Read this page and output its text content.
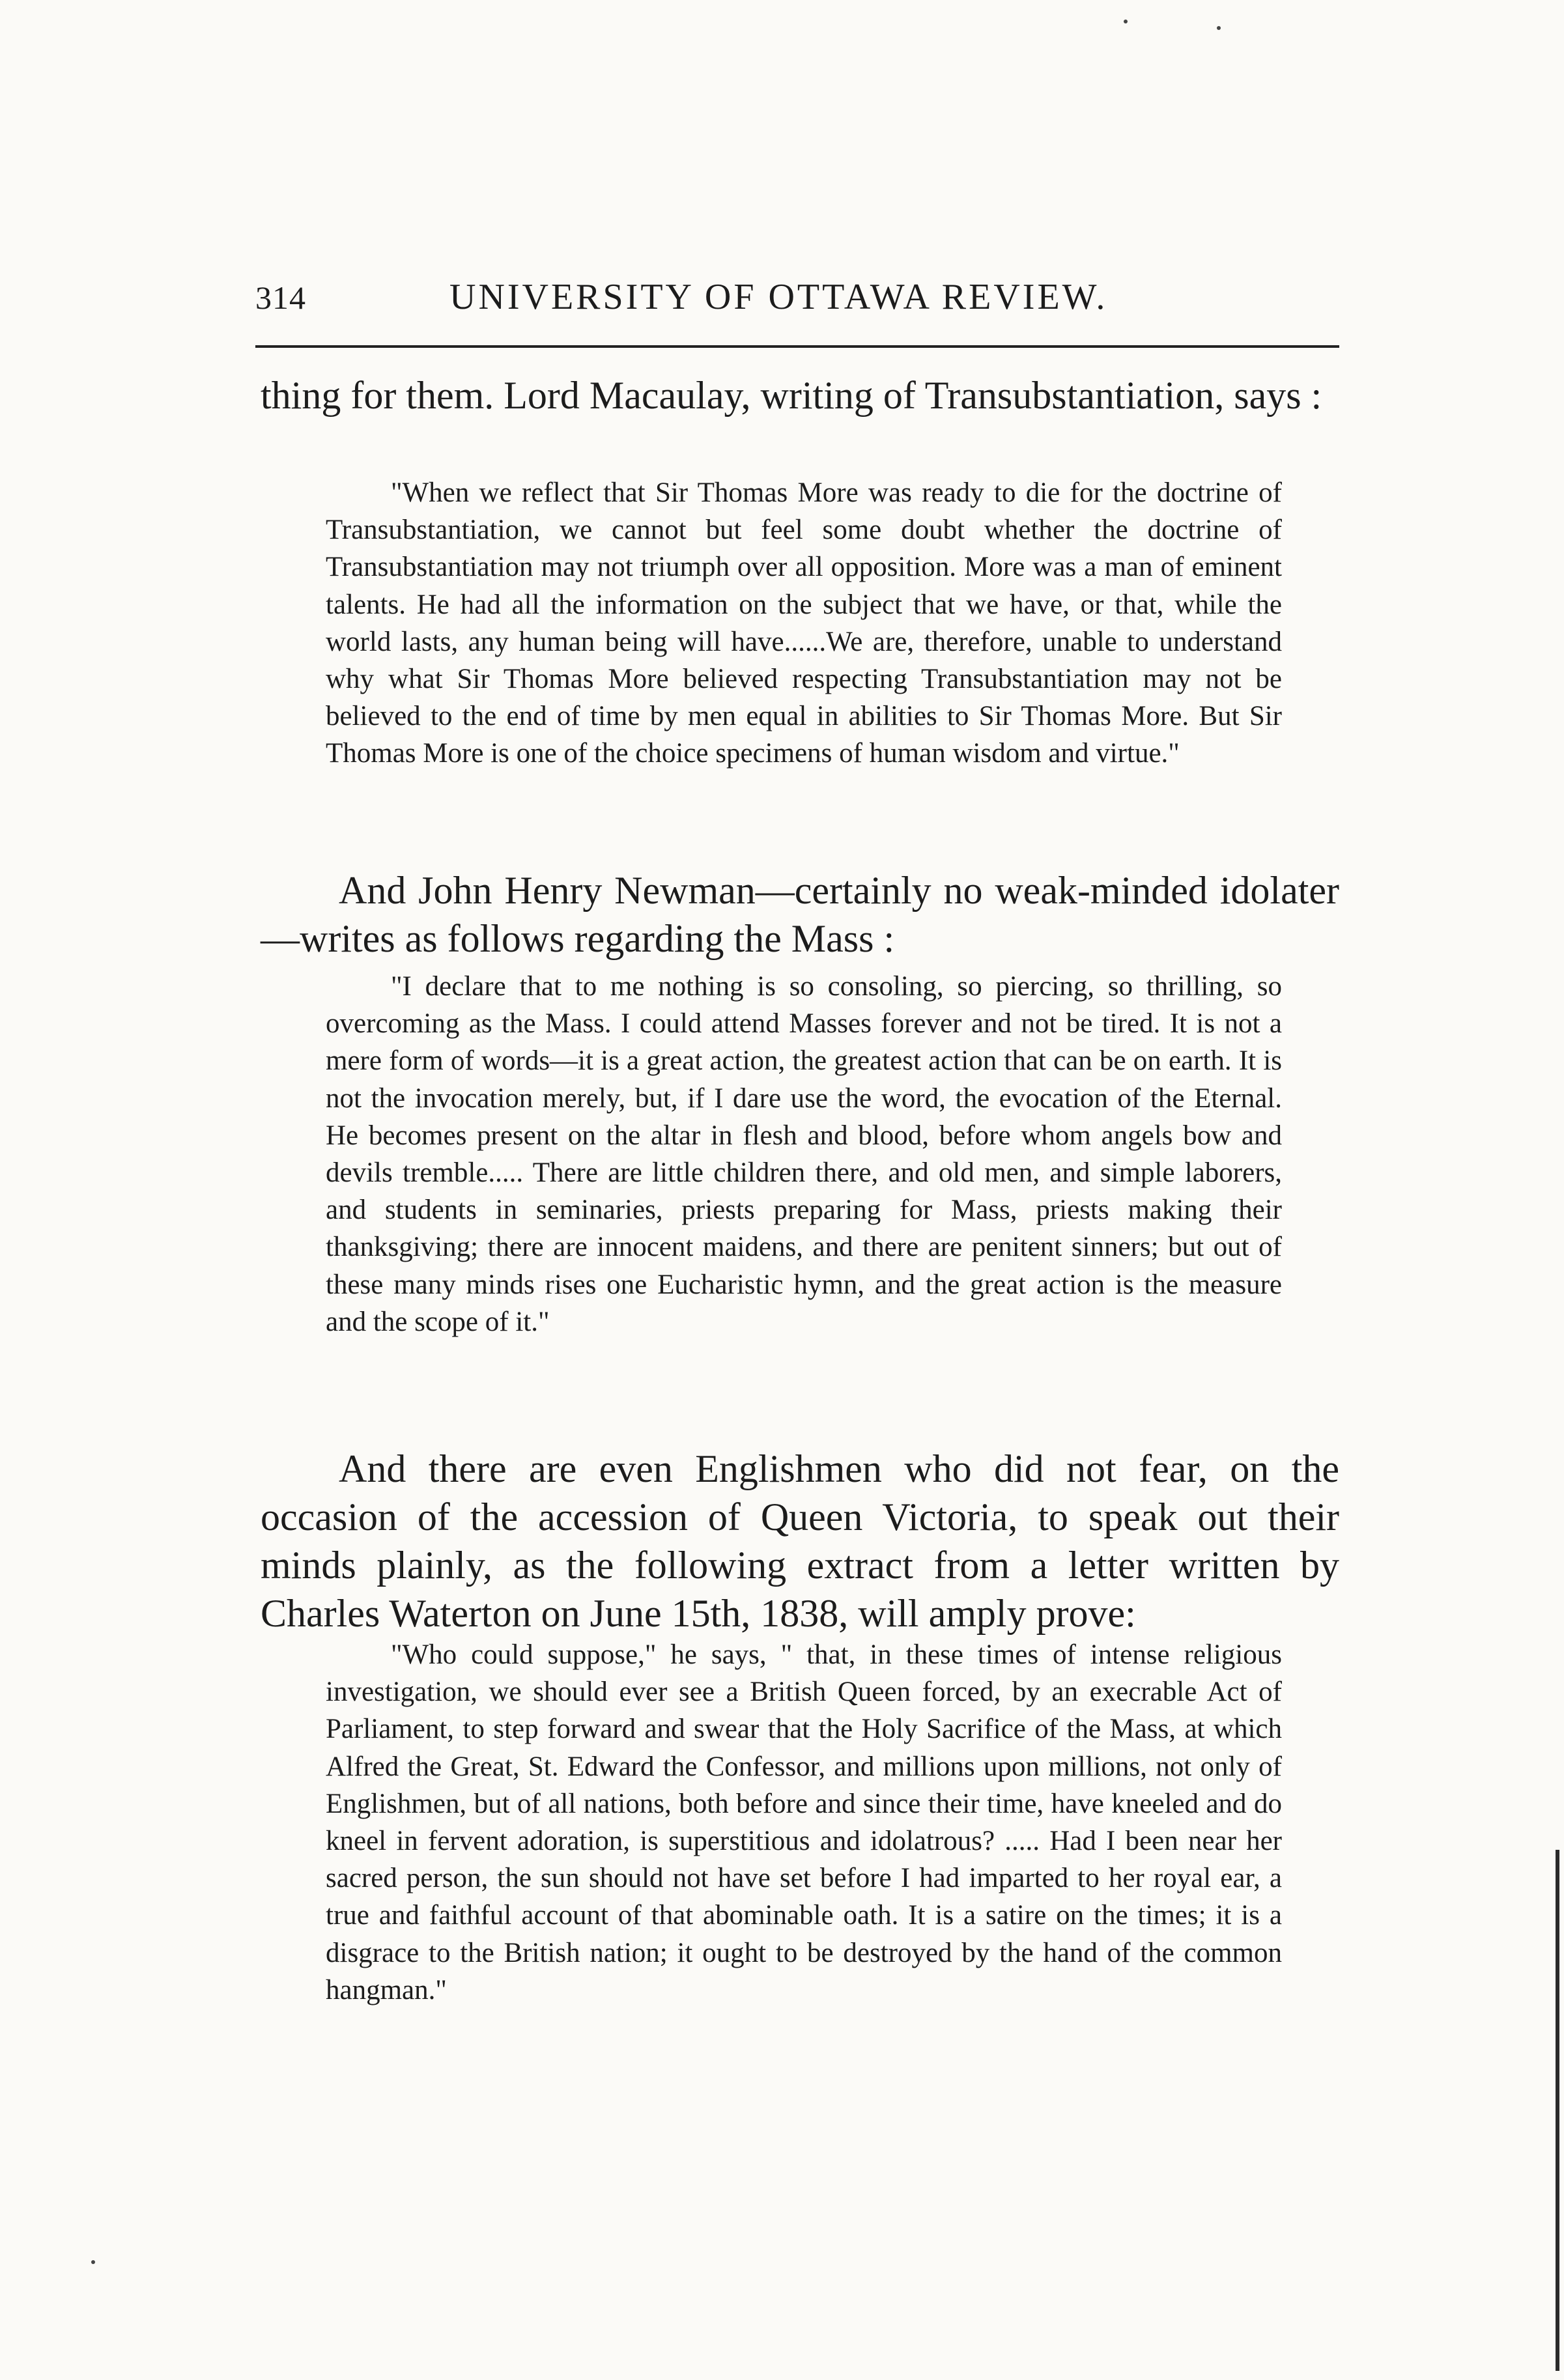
314	UNIVERSITY OF OTTAWA REVIEW.

thing for them. Lord Macaulay, writing of Transubstantiation, says :

"When we reflect that Sir Thomas More was ready to die for the doctrine of Transubstantiation, we cannot but feel some doubt whether the doctrine of Transubstantiation may not triumph over all opposition. More was a man of eminent talents. He had all the information on the subject that we have, or that, while the world lasts, any human being will have......We are, therefore, unable to understand why what Sir Thomas More believed respecting Transubstantiation may not be believed to the end of time by men equal in abilities to Sir Thomas More. But Sir Thomas More is one of the choice specimens of human wisdom and virtue."

And John Henry Newman—certainly no weak-minded idolater—writes as follows regarding the Mass :

"I declare that to me nothing is so consoling, so piercing, so thrilling, so overcoming as the Mass. I could attend Masses forever and not be tired. It is not a mere form of words—it is a great action, the greatest action that can be on earth. It is not the invocation merely, but, if I dare use the word, the evocation of the Eternal. He becomes present on the altar in flesh and blood, before whom angels bow and devils tremble..... There are little children there, and old men, and simple laborers, and students in seminaries, priests preparing for Mass, priests making their thanksgiving; there are innocent maidens, and there are penitent sinners; but out of these many minds rises one Eucharistic hymn, and the great action is the measure and the scope of it."

And there are even Englishmen who did not fear, on the occasion of the accession of Queen Victoria, to speak out their minds plainly, as the following extract from a letter written by Charles Waterton on June 15th, 1838, will amply prove:

"Who could suppose," he says, " that, in these times of intense religious investigation, we should ever see a British Queen forced, by an execrable Act of Parliament, to step forward and swear that the Holy Sacrifice of the Mass, at which Alfred the Great, St. Edward the Confessor, and millions upon millions, not only of Englishmen, but of all nations, both before and since their time, have kneeled and do kneel in fervent adoration, is superstitious and idolatrous? ..... Had I been near her sacred person, the sun should not have set before I had imparted to her royal ear, a true and faithful account of that abominable oath. It is a satire on the times; it is a disgrace to the British nation; it ought to be destroyed by the hand of the common hangman."
